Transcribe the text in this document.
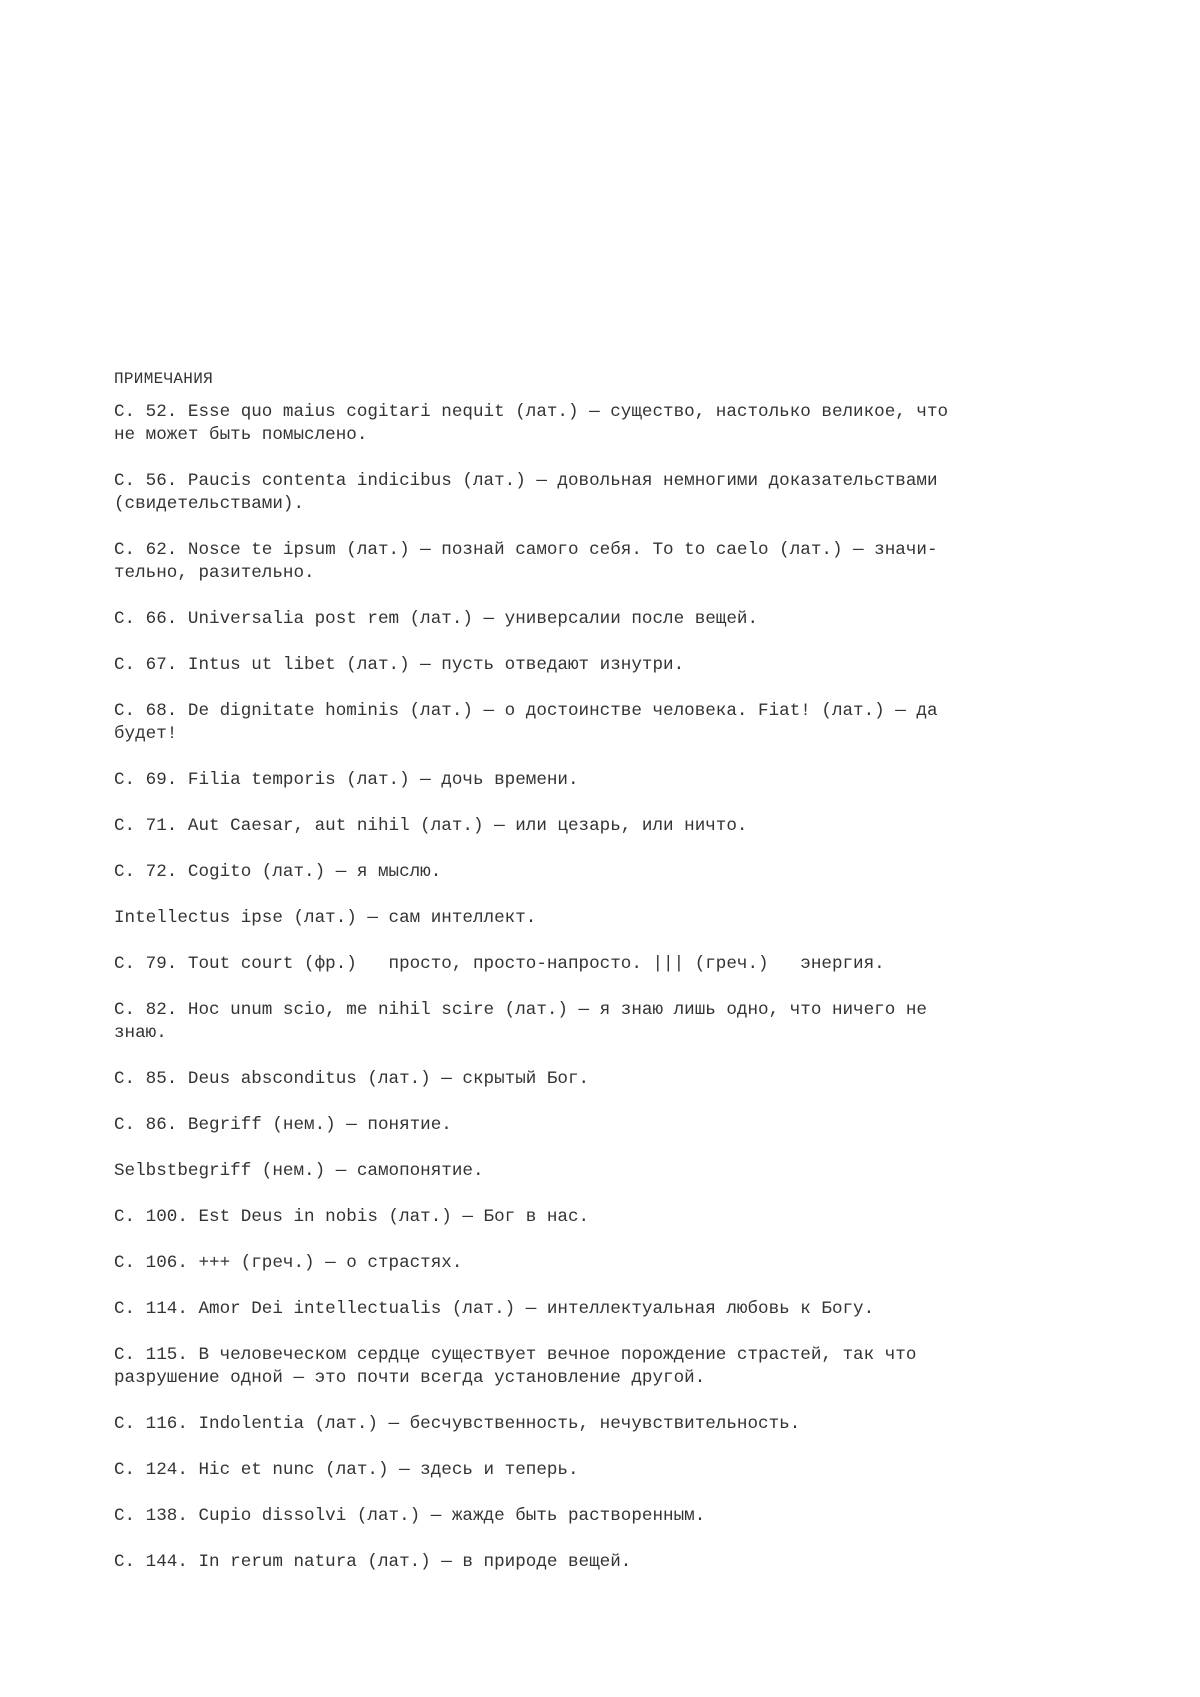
ПРИМЕЧАНИЯ
С. 52. Esse quo maius cogitari nequit (лат.) — существо, настолько великое, что
не может быть помыслено.
С. 56. Paucis contenta indicibus (лат.) — довольная немногими доказательствами
(свидетельствами).
С. 62. Nosce te ipsum (лат.) — познай самого себя. To to caelo (лат.) — значи-
тельно, разительно.
С. 66. Universalia post rem (лат.) — универсалии после вещей.
С. 67. Intus ut libet (лат.) — пусть отведают изнутри.
С. 68. De dignitate hominis (лат.) — о достоинстве человека. Fiat! (лат.) — да
будет!
С. 69. Filia temporis (лат.) — дочь времени.
С. 71. Aut Caesar, aut nihil (лат.) — или цезарь, или ничто.
С. 72. Cogito (лат.) — я мыслю.
Intellectus ipse (лат.) — сам интеллект.
С. 79. Tout court (фр.)   просто, просто-напросто. ||| (греч.)   энергия.
С. 82. Hoc unum scio, me nihil scire (лат.) — я знаю лишь одно, что ничего не
знаю.
С. 85. Deus absconditus (лат.) — скрытый Бог.
С. 86. Begriff (нем.) — понятие.
Selbstbegriff (нем.) — самопонятие.
С. 100. Est Deus in nobis (лат.) — Бог в нас.
С. 106. +++ (греч.) — о страстях.
С. 114. Amor Dei intellectualis (лат.) — интеллектуальная любовь к Богу.
С. 115. В человеческом сердце существует вечное порождение страстей, так что
разрушение одной — это почти всегда установление другой.
С. 116. Indolentia (лат.) — бесчувственность, нечувствительность.
С. 124. Hic et nunc (лат.) — здесь и теперь.
С. 138. Cupio dissolvi (лат.) — жажде быть растворенным.
С. 144. In rerum natura (лат.) — в природе вещей.
